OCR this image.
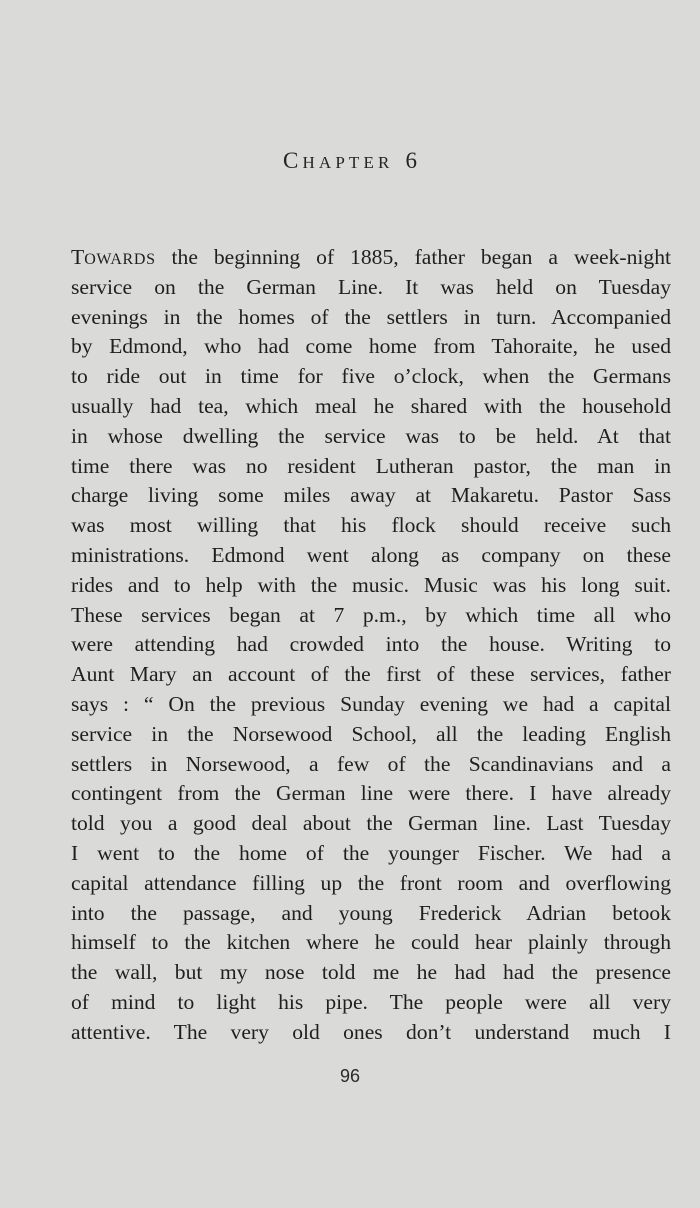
CHAPTER 6
TOWARDS the beginning of 1885, father began a week-night
service on the German Line. It was held on Tuesday
evenings in the homes of the settlers in turn. Accompanied
by Edmond, who had come home from Tahoraite, he used
to ride out in time for five o’clock, when the Germans
usually had tea, which meal he shared with the household
in whose dwelling the service was to be held. At that
time there was no resident Lutheran pastor, the man in
charge living some miles away at Makaretu. Pastor Sass
was most willing that his flock should receive such
ministrations. Edmond went along as company on these
rides and to help with the music. Music was his long suit.
These services began at 7 p.m., by which time all who
were attending had crowded into the house. Writing to
Aunt Mary an account of the first of these services, father
says : “ On the previous Sunday evening we had a capital
service in the Norsewood School, all the leading English
settlers in Norsewood, a few of the Scandinavians and a
contingent from the German line were there. I have already
told you a good deal about the German line. Last Tuesday
I went to the home of the younger Fischer. We had a
capital attendance filling up the front room and overflowing
into the passage, and young Frederick Adrian betook
himself to the kitchen where he could hear plainly through
the wall, but my nose told me he had had the presence
of mind to light his pipe. The people were all very
attentive. The very old ones don’t understand much I
96
